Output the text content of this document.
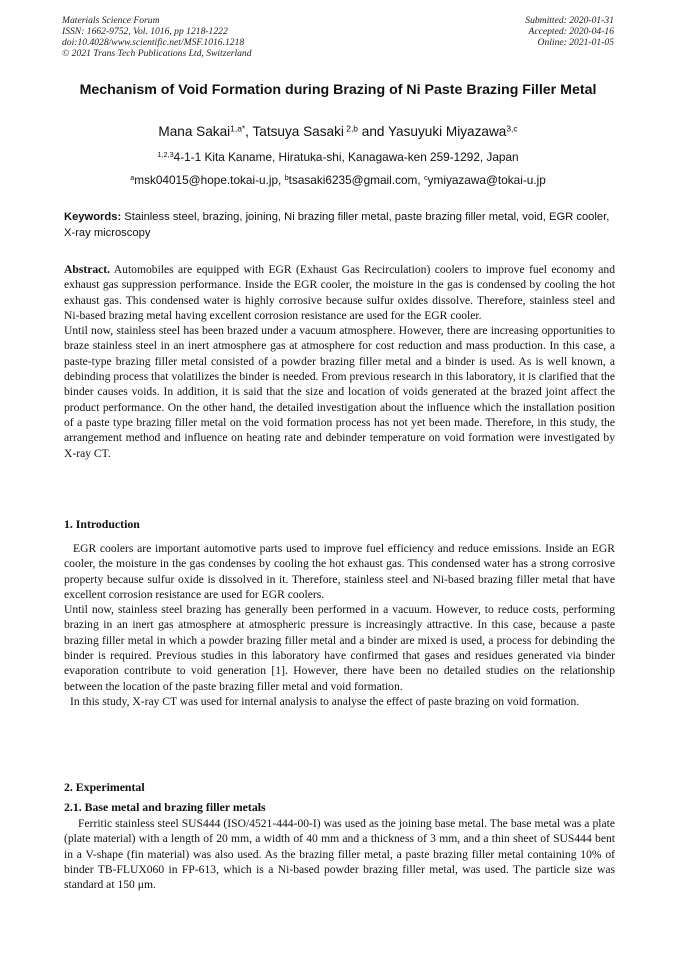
Materials Science Forum
ISSN: 1662-9752, Vol. 1016, pp 1218-1222
doi:10.4028/www.scientific.net/MSF.1016.1218
© 2021 Trans Tech Publications Ltd, Switzerland
Submitted: 2020-01-31
Accepted: 2020-04-16
Online: 2021-01-05
Mechanism of Void Formation during Brazing of Ni Paste Brazing Filler Metal
Mana Sakai$^{1,a*}$, Tatsuya Sasaki $^{2,b}$ and Yasuyuki Miyazawa$^{3,c}$
$^{1,2,3}$4-1-1 Kita Kaname, Hiratuka-shi, Kanagawa-ken 259-1292, Japan
$^a$msk04015@hope.tokai-u.jp, $^b$tsasaki6235@gmail.com, $^c$ymiyazawa@tokai-u.jp
Keywords: Stainless steel, brazing, joining, Ni brazing filler metal, paste brazing filler metal, void, EGR cooler, X-ray microscopy

Abstract. Automobiles are equipped with EGR (Exhaust Gas Recirculation) coolers to improve fuel economy and exhaust gas suppression performance. Inside the EGR cooler, the moisture in the gas is condensed by cooling the hot exhaust gas. This condensed water is highly corrosive because sulfur oxides dissolve. Therefore, stainless steel and Ni-based brazing metal having excellent corrosion resistance are used for the EGR cooler.

Until now, stainless steel has been brazed under a vacuum atmosphere. However, there are increasing opportunities to braze stainless steel in an inert atmosphere gas at atmosphere for cost reduction and mass production. In this case, a paste-type brazing filler metal consisted of a powder brazing filler metal and a binder is used. As is well known, a debinding process that volatilizes the binder is needed. From previous research in this laboratory, it is clarified that the binder causes voids. In addition, it is said that the size and location of voids generated at the brazed joint affect the product performance. On the other hand, the detailed investigation about the influence which the installation position of a paste type brazing filler metal on the void formation process has not yet been made. Therefore, in this study, the arrangement method and influence on heating rate and debinder temperature on void formation were investigated by X-ray CT.

1. Introduction

EGR coolers are important automotive parts used to improve fuel efficiency and reduce emissions. Inside an EGR cooler, the moisture in the gas condenses by cooling the hot exhaust gas. This condensed water has a strong corrosive property because sulfur oxide is dissolved in it. Therefore, stainless steel and Ni-based brazing filler metal that have excellent corrosion resistance are used for EGR coolers.

Until now, stainless steel brazing has generally been performed in a vacuum. However, to reduce costs, performing brazing in an inert gas atmosphere at atmospheric pressure is increasingly attractive. In this case, because a paste brazing filler metal in which a powder brazing filler metal and a binder are mixed is used, a process for debinding the binder is required. Previous studies in this laboratory have confirmed that gases and residues generated via binder evaporation contribute to void generation [1]. However, there have been no detailed studies on the relationship between the location of the paste brazing filler metal and void formation.

In this study, X-ray CT was used for internal analysis to analyse the effect of paste brazing on void formation.

2. Experimental
2.1. Base metal and brazing filler metals

Ferritic stainless steel SUS444 (ISO/4521-444-00-I) was used as the joining base metal. The base metal was a plate (plate material) with a length of 20 mm, a width of 40 mm and a thickness of 3 mm, and a thin sheet of SUS444 bent in a V-shape (fin material) was also used. As the brazing filler metal, a paste brazing filler metal containing 10% of binder TB-FLUX060 in FP-613, which is a Ni-based powder brazing filler metal, was used. The particle size was standard at 150 μm.
